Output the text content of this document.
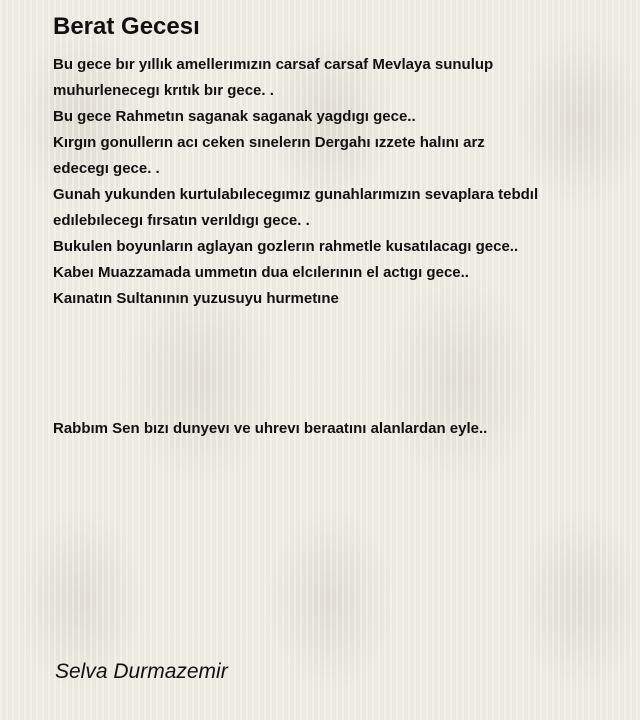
Berat Gecesı
Bu gece bır yıllık amellerımızın carsaf carsaf Mevlaya sunulup
muhurlenecegı krıtık bır gece. .
Bu gece Rahmetın saganak saganak yagdıgı gece..
Kırgın gonullerın acı ceken sınelerın Dergahı ızzete halını arz
edecegı gece. .
Gunah yukunden kurtulabılecegımız gunahlarımızın sevaplara tebdıl
edılebılecegı fırsatın verıldıgı gece. .
Bukulen boyunların aglayan gozlerın rahmetle kusatılacagı gece..
Kabeı Muazzamada ummetın dua elcılerının el actıgı gece..
Kaınatın Sultanının yuzusuyu hurmetıne
Rabbım Sen bızı dunyevı ve uhrevı beraatını alanlardan eyle..
Selva Durmazemir
